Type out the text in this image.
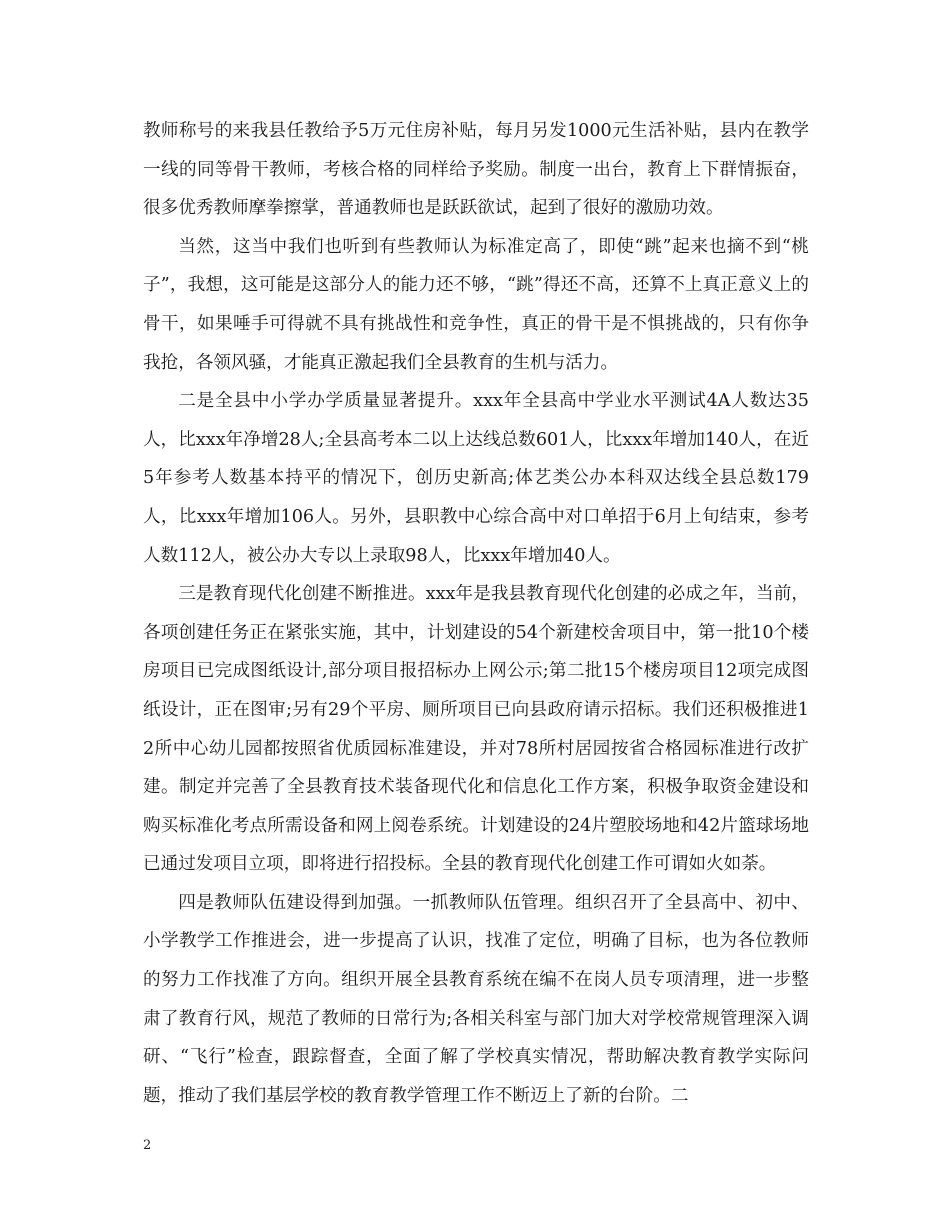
教师称号的来我县任教给予5万元住房补贴，每月另发1000元生活补贴，县内在教学一线的同等骨干教师，考核合格的同样给予奖励。制度一出台，教育上下群情振奋，很多优秀教师摩拳擦掌，普通教师也是跃跃欲试，起到了很好的激励功效。

当然，这当中我们也听到有些教师认为标准定高了，即使“跳”起来也摘不到“桃子”，我想，这可能是这部分人的能力还不够，“跳”得还不高，还算不上真正意义上的骨干，如果唾手可得就不具有挑战性和竞争性，真正的骨干是不惧挑战的，只有你争我抢，各领风骚，才能真正激起我们全县教育的生机与活力。

二是全县中小学办学质量显著提升。xxx年全县高中学业水平测试4A人数达35人，比xxx年净增28人;全县高考本二以上达线总数601人，比xxx年增加140人，在近5年参考人数基本持平的情况下，创历史新高;体艺类公办本科双达线全县总数179人，比xxx年增加106人。另外，县职教中心综合高中对口单招于6月上旬结束，参考人数112人，被公办大专以上录取98人，比xxx年增加40人。

三是教育现代化创建不断推进。xxx年是我县教育现代化创建的必成之年，当前，各项创建任务正在紧张实施，其中，计划建设的54个新建校舍项目中，第一批10个楼房项目已完成图纸设计,部分项目报招标办上网公示;第二批15个楼房项目12项完成图纸设计，正在图审;另有29个平房、厕所项目已向县政府请示招标。我们还积极推进12所中心幼儿园都按照省优质园标准建设，并对78所村居园按省合格园标准进行改扩建。制定并完善了全县教育技术装备现代化和信息化工作方案，积极争取资金建设和购买标准化考点所需设备和网上阅卷系统。计划建设的24片塑胶场地和42片篮球场地已通过发项目立项，即将进行招投标。全县的教育现代化创建工作可谓如火如荼。

四是教师队伍建设得到加强。一抓教师队伍管理。组织召开了全县高中、初中、小学教学工作推进会，进一步提高了认识，找准了定位，明确了目标，也为各位教师的努力工作找准了方向。组织开展全县教育系统在编不在岗人员专项清理，进一步整肃了教育行风，规范了教师的日常行为;各相关科室与部门加大对学校常规管理深入调研、“飞行”检查，跟踪督查，全面了解了学校真实情况，帮助解决教育教学实际问题，推动了我们基层学校的教育教学管理工作不断迈上了新的台阶。二

2
